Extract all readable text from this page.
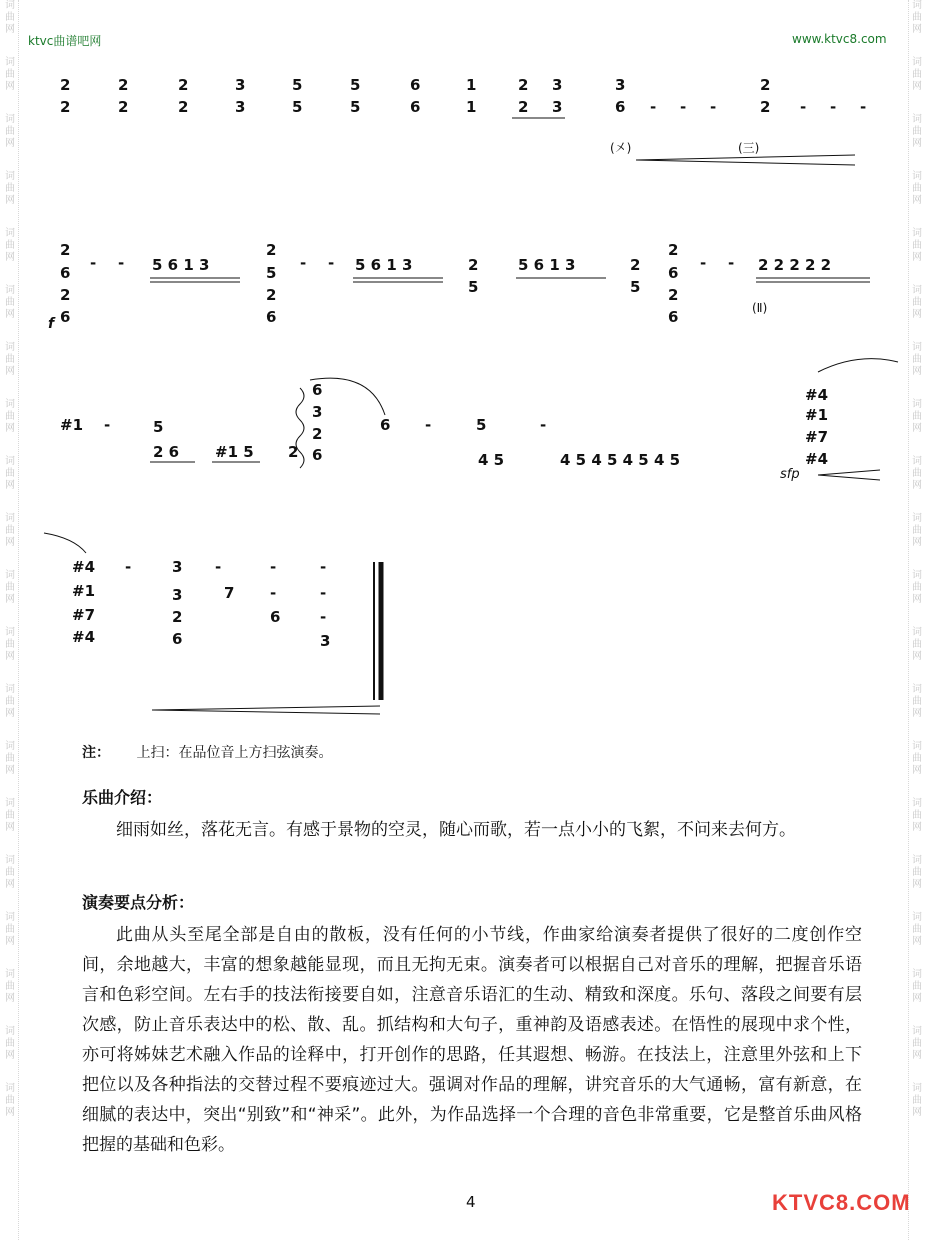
词曲网
词曲网
词曲网
词曲网
词曲网
词曲网
词曲网
词曲网
词曲网
词曲网
词曲网
词曲网
词曲网
词曲网
词曲网
词曲网
词曲网
词曲网
词曲网
词曲网
词曲网
词曲网
词曲网
词曲网
词曲网
词曲网
词曲网
词曲网
词曲网
词曲网
词曲网
词曲网
词曲网
词曲网
词曲网
词曲网
词曲网
词曲网
词曲网
词曲网
ktvc曲谱吧网	www.ktvc8.com
2
2
2
2
2
2
3
3
5
5
5
5
6
6
1
1
2
2
3
3
3
6
2
2
- - -	- - -
(㐅)	(三)
2
6
2
6
- - 5 6 1 3
2
5
2
6
- - 5 6 1 3	2
5
5 6 1 3	2
5
2
6
2
6
- - 2 2 2 2 2
f
(Ⅱ)
#1 -	5
2 6 #1 5 2
6
3
2
6
6 -	5
4 5
-
4 5 4 5 4 5 4 5
#4
#1
#7
#4
sfp
#4
#1
#7
#4
-	3
3
2
6
-	-	-
7 -	-
6	-
3
注： 上扫：在品位音上方扫弦演奏。
乐曲介绍：

细雨如丝，落花无言。有感于景物的空灵，随心而歌，若一点小小的飞絮，不问来去何方。

演奏要点分析：

此曲从头至尾全部是自由的散板，没有任何的小节线，作曲家给演奏者提供了很好的二度创作空间，余地越大，丰富的想象越能显现，而且无拘无束。演奏者可以根据自己对音乐的理解，把握音乐语言和色彩空间。左右手的技法衔接要自如，注意音乐语汇的生动、精致和深度。乐句、落段之间要有层次感，防止音乐表达中的松、散、乱。抓结构和大句子，重神韵及语感表述。在悟性的展现中求个性，亦可将姊妹艺术融入作品的诠释中，打开创作的思路，任其遐想、畅游。在技法上，注意里外弦和上下把位以及各种指法的交替过程不要痕迹过大。强调对作品的理解，讲究音乐的大气通畅，富有新意，在细腻的表达中，突出“别致”和“神采”。此外，为作品选择一个合理的音色非常重要，它是整首乐曲风格把握的基础和色彩。

4	KTVC8.COM
